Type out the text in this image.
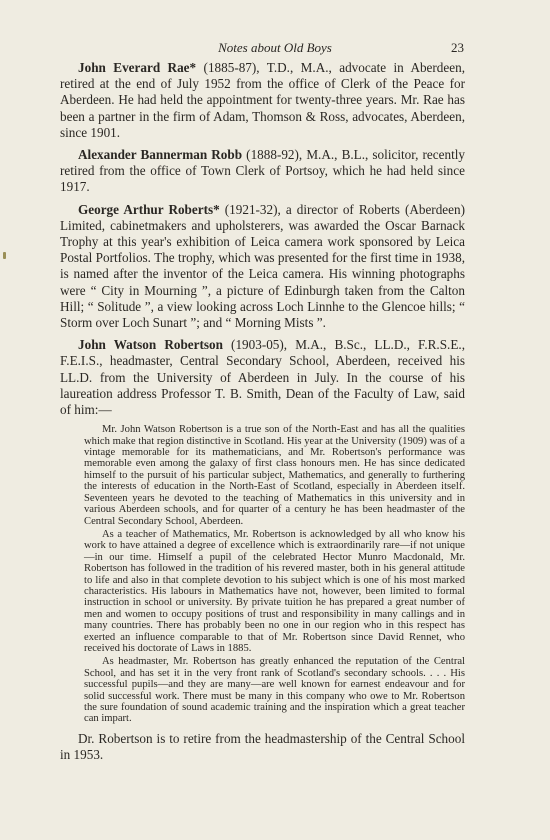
Notes about Old Boys	23

John Everard Rae* (1885-87), T.D., M.A., advocate in Aberdeen, retired at the end of July 1952 from the office of Clerk of the Peace for Aberdeen. He had held the appointment for twenty-three years. Mr. Rae has been a partner in the firm of Adam, Thomson & Ross, advocates, Aberdeen, since 1901.

Alexander Bannerman Robb (1888-92), M.A., B.L., solicitor, recently retired from the office of Town Clerk of Portsoy, which he had held since 1917.

George Arthur Roberts* (1921-32), a director of Roberts (Aberdeen) Limited, cabinetmakers and upholsterers, was awarded the Oscar Barnack Trophy at this year's exhibition of Leica camera work sponsored by Leica Postal Portfolios. The trophy, which was presented for the first time in 1938, is named after the inventor of the Leica camera. His winning photographs were “ City in Mourning ”, a picture of Edinburgh taken from the Calton Hill; “ Solitude ”, a view looking across Loch Linnhe to the Glencoe hills; “ Storm over Loch Sunart ”; and “ Morning Mists ”.

John Watson Robertson (1903-05), M.A., B.Sc., LL.D., F.R.S.E., F.E.I.S., headmaster, Central Secondary School, Aberdeen, received his LL.D. from the University of Aberdeen in July. In the course of his laureation address Professor T. B. Smith, Dean of the Faculty of Law, said of him:—

Mr. John Watson Robertson is a true son of the North-East and has all the qualities which make that region distinctive in Scotland. His year at the University (1909) was of a vintage memorable for its mathematicians, and Mr. Robertson's performance was memorable even among the galaxy of first class honours men. He has since dedicated himself to the pursuit of his particular subject, Mathematics, and generally to furthering the interests of education in the North-East of Scotland, especially in Aberdeen itself. Seventeen years he devoted to the teaching of Mathematics in this university and in various Aberdeen schools, and for quarter of a century he has been headmaster of the Central Secondary School, Aberdeen.

As a teacher of Mathematics, Mr. Robertson is acknowledged by all who know his work to have attained a degree of excellence which is extraordinarily rare—if not unique—in our time. Himself a pupil of the celebrated Hector Munro Macdonald, Mr. Robertson has followed in the tradition of his revered master, both in his general attitude to life and also in that complete devotion to his subject which is one of his most marked characteristics. His labours in Mathematics have not, however, been limited to formal instruction in school or university. By private tuition he has prepared a great number of men and women to occupy positions of trust and responsibility in many callings and in many countries. There has probably been no one in our region who in this respect has exerted an influence comparable to that of Mr. Robertson since David Rennet, who received his doctorate of Laws in 1885.

As headmaster, Mr. Robertson has greatly enhanced the reputation of the Central School, and has set it in the very front rank of Scotland's secondary schools. . . . His successful pupils—and they are many—are well known for earnest endeavour and for solid successful work. There must be many in this company who owe to Mr. Robertson the sure foundation of sound academic training and the inspiration which a great teacher can impart.

Dr. Robertson is to retire from the headmastership of the Central School in 1953.
